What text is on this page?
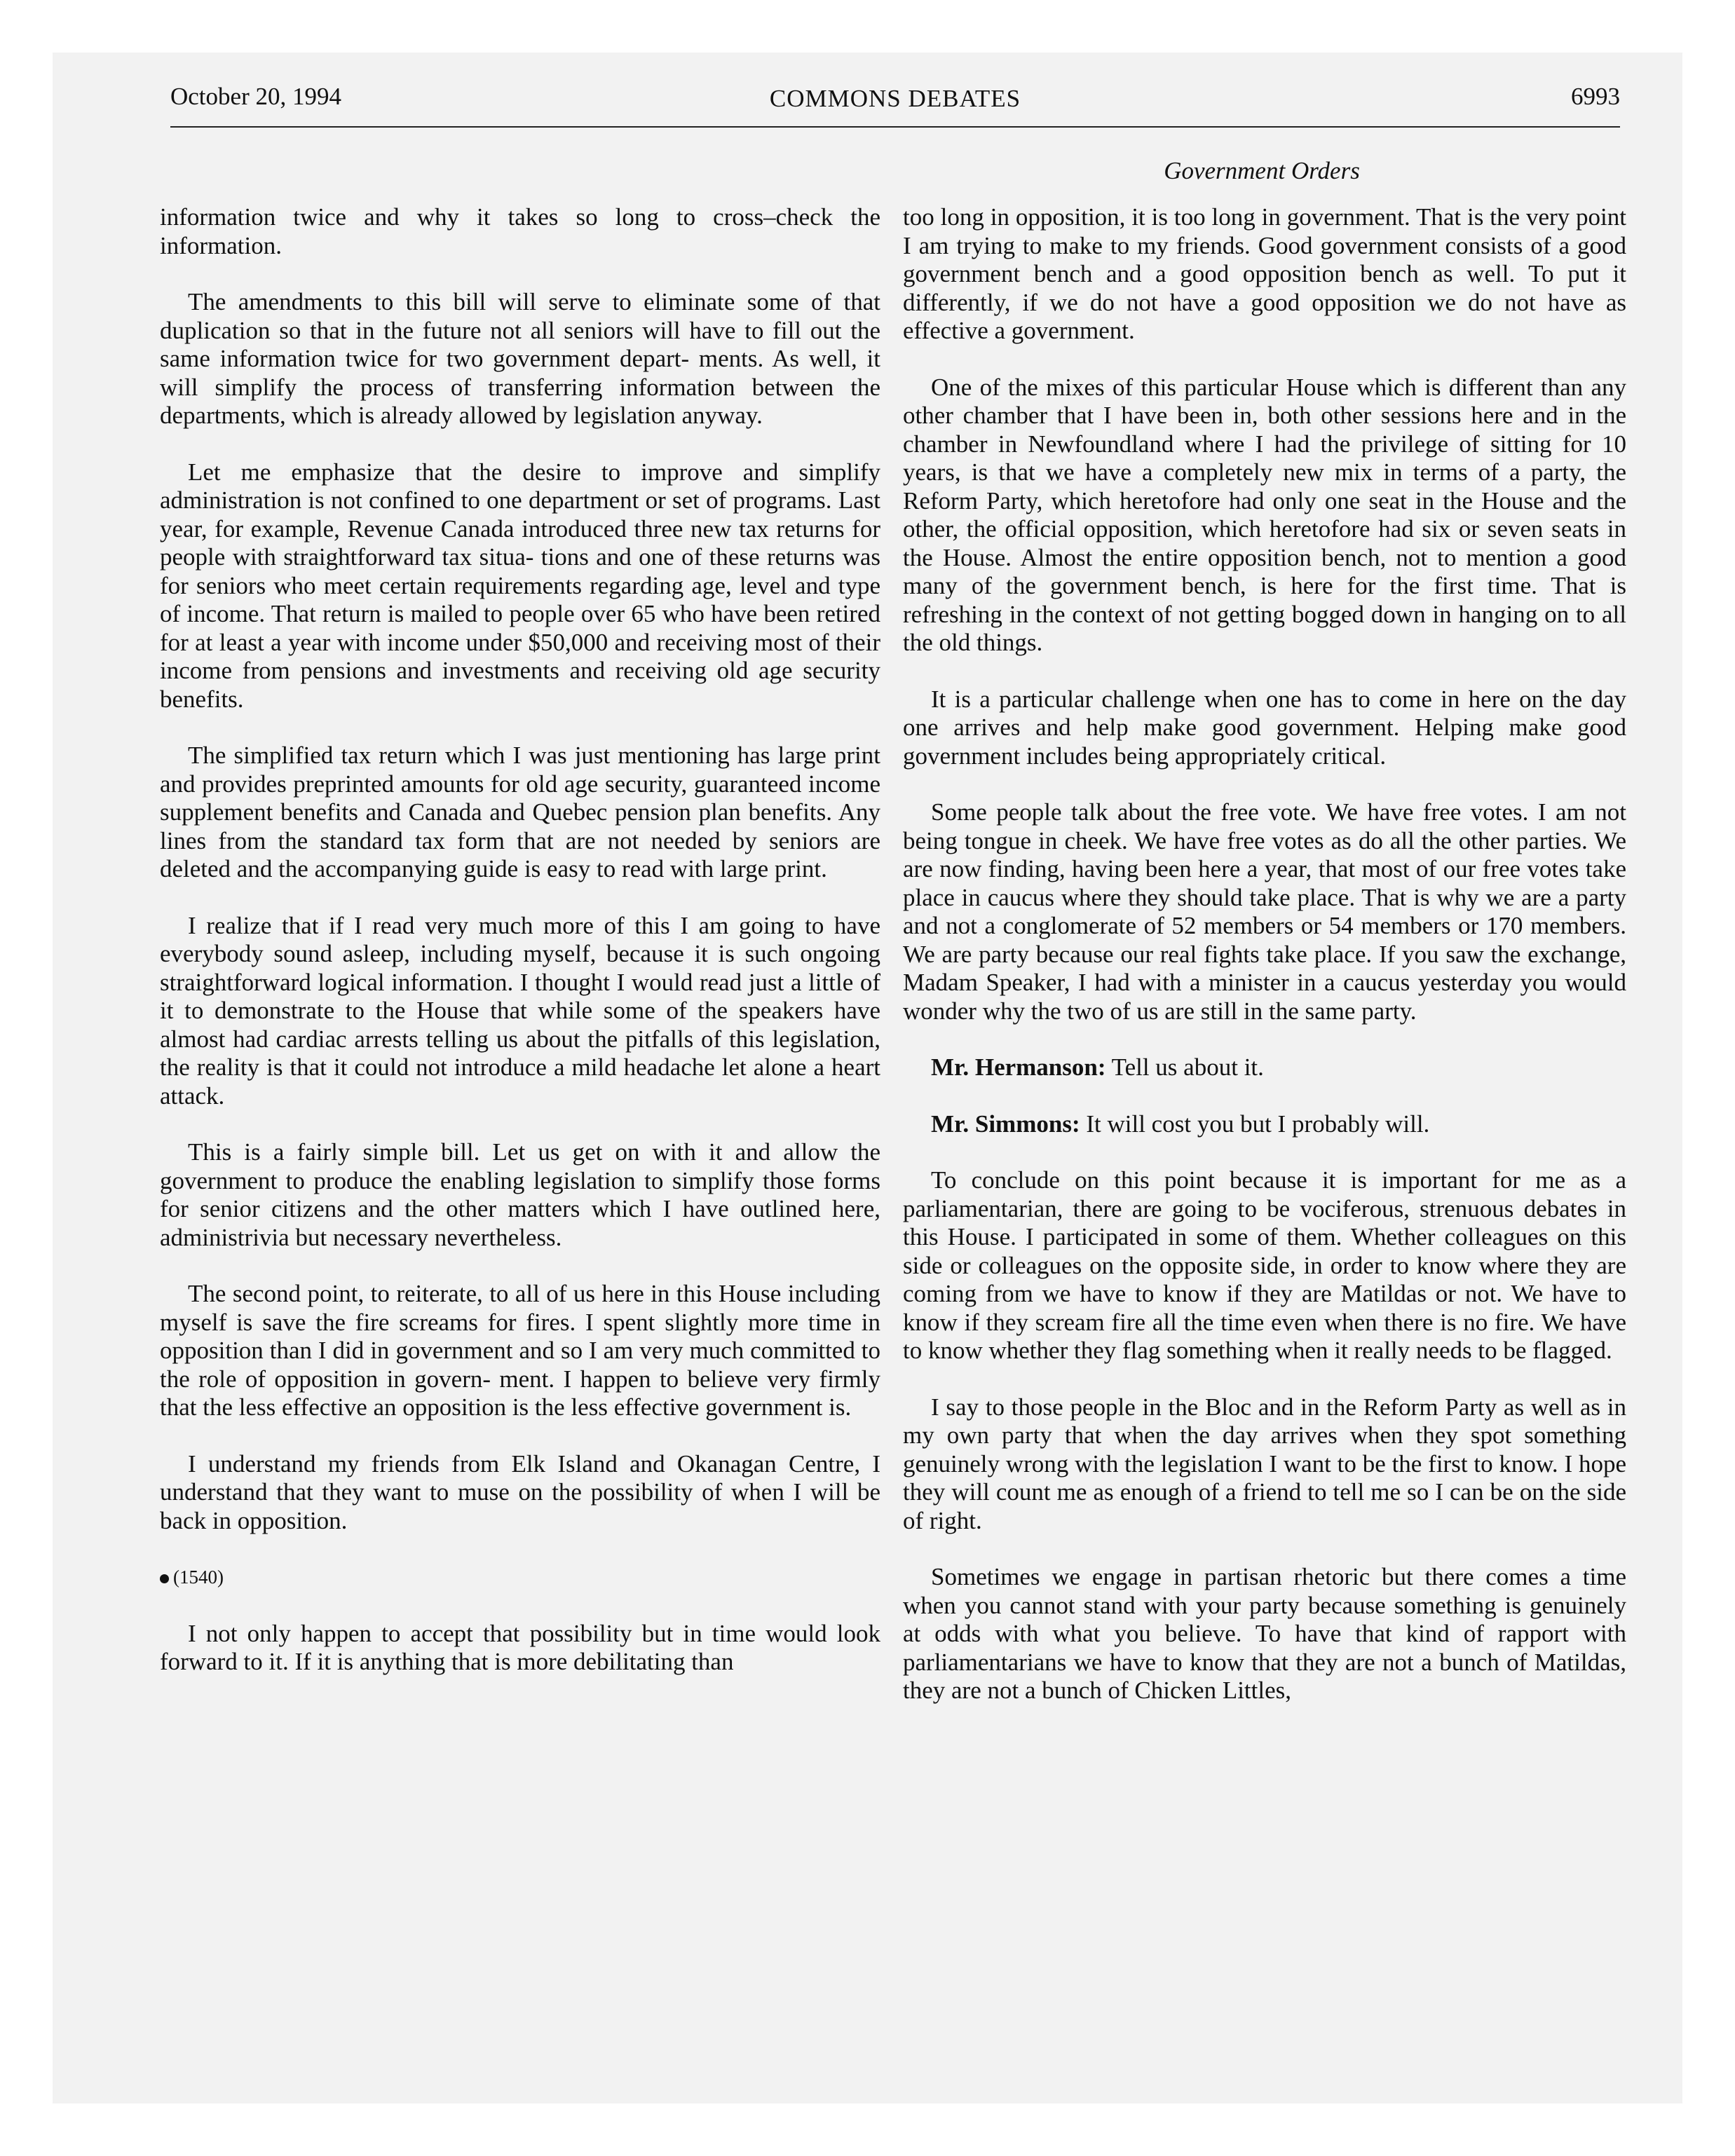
October 20, 1994	COMMONS DEBATES	6993
Government Orders

information twice and why it takes so long to cross–check the information.

The amendments to this bill will serve to eliminate some of that duplication so that in the future not all seniors will have to fill out the same information twice for two government depart- ments. As well, it will simplify the process of transferring information between the departments, which is already allowed by legislation anyway.

Let me emphasize that the desire to improve and simplify administration is not confined to one department or set of programs. Last year, for example, Revenue Canada introduced three new tax returns for people with straightforward tax situa- tions and one of these returns was for seniors who meet certain requirements regarding age, level and type of income. That return is mailed to people over 65 who have been retired for at least a year with income under $50,000 and receiving most of their income from pensions and investments and receiving old age security benefits.

The simplified tax return which I was just mentioning has large print and provides preprinted amounts for old age security, guaranteed income supplement benefits and Canada and Quebec pension plan benefits. Any lines from the standard tax form that are not needed by seniors are deleted and the accompanying guide is easy to read with large print.

I realize that if I read very much more of this I am going to have everybody sound asleep, including myself, because it is such ongoing straightforward logical information. I thought I would read just a little of it to demonstrate to the House that while some of the speakers have almost had cardiac arrests telling us about the pitfalls of this legislation, the reality is that it could not introduce a mild headache let alone a heart attack.

This is a fairly simple bill. Let us get on with it and allow the government to produce the enabling legislation to simplify those forms for senior citizens and the other matters which I have outlined here, administrivia but necessary nevertheless.

The second point, to reiterate, to all of us here in this House including myself is save the fire screams for fires. I spent slightly more time in opposition than I did in government and so I am very much committed to the role of opposition in govern- ment. I happen to believe very firmly that the less effective an opposition is the less effective government is.

I understand my friends from Elk Island and Okanagan Centre, I understand that they want to muse on the possibility of when I will be back in opposition.

(1540)

I not only happen to accept that possibility but in time would look forward to it. If it is anything that is more debilitating than

too long in opposition, it is too long in government. That is the very point I am trying to make to my friends. Good government consists of a good government bench and a good opposition bench as well. To put it differently, if we do not have a good opposition we do not have as effective a government.

One of the mixes of this particular House which is different than any other chamber that I have been in, both other sessions here and in the chamber in Newfoundland where I had the privilege of sitting for 10 years, is that we have a completely new mix in terms of a party, the Reform Party, which heretofore had only one seat in the House and the other, the official opposition, which heretofore had six or seven seats in the House. Almost the entire opposition bench, not to mention a good many of the government bench, is here for the first time. That is refreshing in the context of not getting bogged down in hanging on to all the old things.

It is a particular challenge when one has to come in here on the day one arrives and help make good government. Helping make good government includes being appropriately critical.

Some people talk about the free vote. We have free votes. I am not being tongue in cheek. We have free votes as do all the other parties. We are now finding, having been here a year, that most of our free votes take place in caucus where they should take place. That is why we are a party and not a conglomerate of 52 members or 54 members or 170 members. We are party because our real fights take place. If you saw the exchange, Madam Speaker, I had with a minister in a caucus yesterday you would wonder why the two of us are still in the same party.

Mr. Hermanson: Tell us about it.

Mr. Simmons: It will cost you but I probably will.

To conclude on this point because it is important for me as a parliamentarian, there are going to be vociferous, strenuous debates in this House. I participated in some of them. Whether colleagues on this side or colleagues on the opposite side, in order to know where they are coming from we have to know if they are Matildas or not. We have to know if they scream fire all the time even when there is no fire. We have to know whether they flag something when it really needs to be flagged.

I say to those people in the Bloc and in the Reform Party as well as in my own party that when the day arrives when they spot something genuinely wrong with the legislation I want to be the first to know. I hope they will count me as enough of a friend to tell me so I can be on the side of right.

Sometimes we engage in partisan rhetoric but there comes a time when you cannot stand with your party because something is genuinely at odds with what you believe. To have that kind of rapport with parliamentarians we have to know that they are not a bunch of Matildas, they are not a bunch of Chicken Littles,
